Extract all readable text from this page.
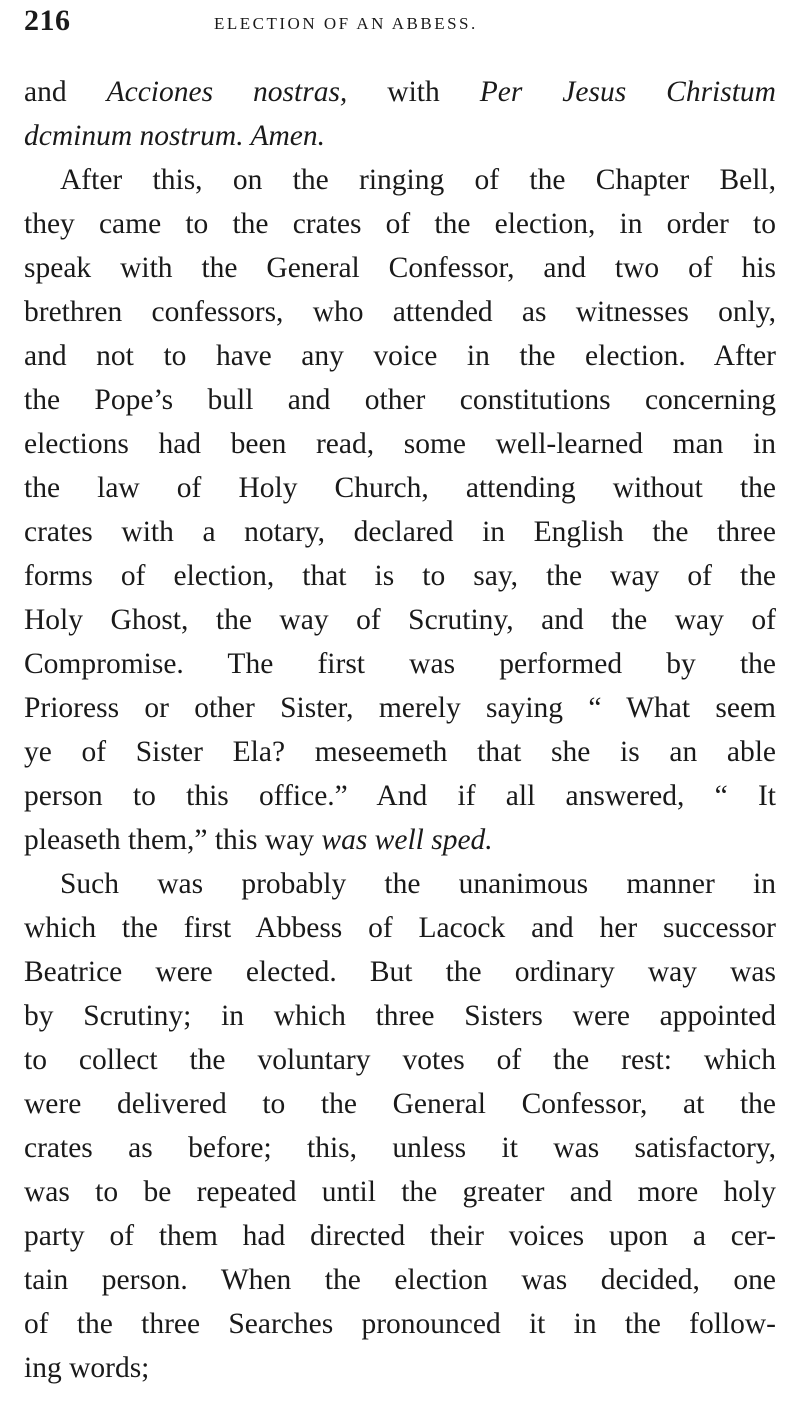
216	ELECTION OF AN ABBESS.
and Acciones nostras, with Per Jesus Christum
dcminum nostrum. Amen.
After this, on the ringing of the Chapter Bell,
they came to the crates of the election, in order to
speak with the General Confessor, and two of his
brethren confessors, who attended as witnesses only,
and not to have any voice in the election. After
the Pope’s bull and other constitutions concerning
elections had been read, some well-learned man in
the law of Holy Church, attending without the
crates with a notary, declared in English the three
forms of election, that is to say, the way of the
Holy Ghost, the way of Scrutiny, and the way of
Compromise. The first was performed by the
Prioress or other Sister, merely saying “ What seem
ye of Sister Ela? meseemeth that she is an able
person to this office.” And if all answered, “ It
pleaseth them,” this way was well sped.
Such was probably the unanimous manner in
which the first Abbess of Lacock and her successor
Beatrice were elected. But the ordinary way was
by Scrutiny; in which three Sisters were appointed
to collect the voluntary votes of the rest: which
were delivered to the General Confessor, at the
crates as before; this, unless it was satisfactory,
was to be repeated until the greater and more holy
party of them had directed their voices upon a cer-
tain person. When the election was decided, one
of the three Searches pronounced it in the follow-
ing words;
